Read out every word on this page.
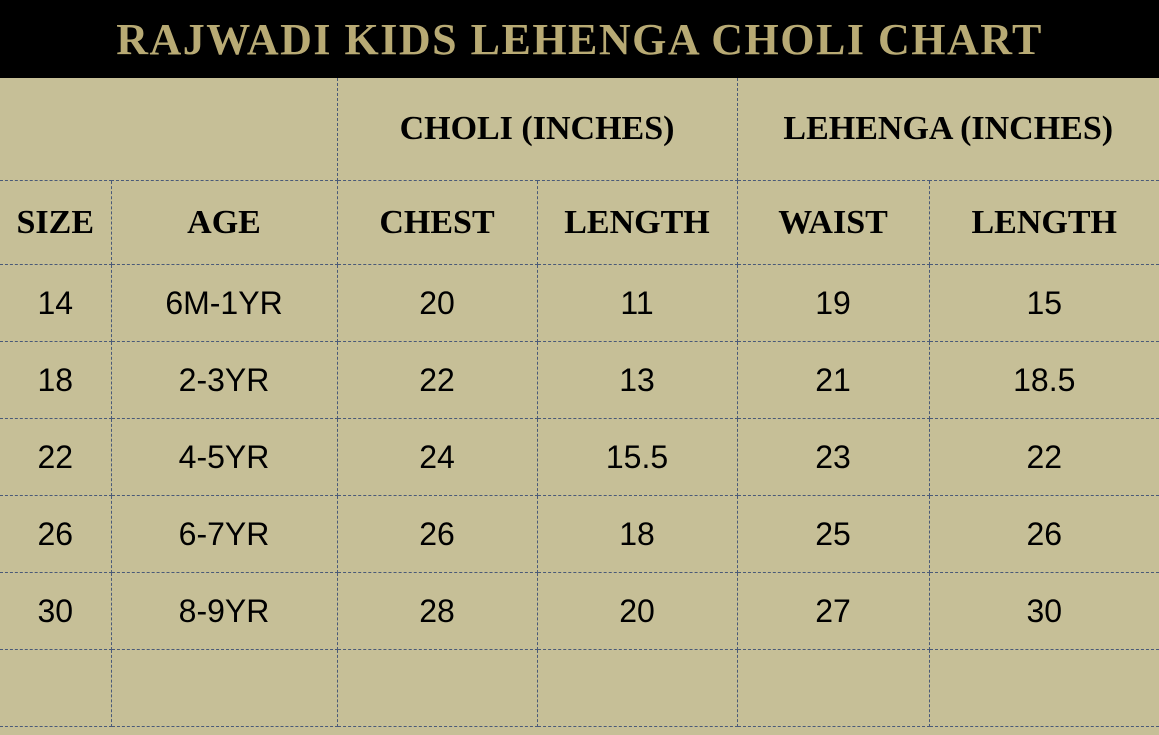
RAJWADI KIDS LEHENGA CHOLI CHART
		CHOLI (INCHES)		LEHENGA (INCHES)	
SIZE	AGE	CHEST	LENGTH	WAIST	LENGTH
14	6M-1YR	20	11	19	15
18	2-3YR	22	13	21	18.5
22	4-5YR	24	15.5	23	22
26	6-7YR	26	18	25	26
30	8-9YR	28	20	27	30
